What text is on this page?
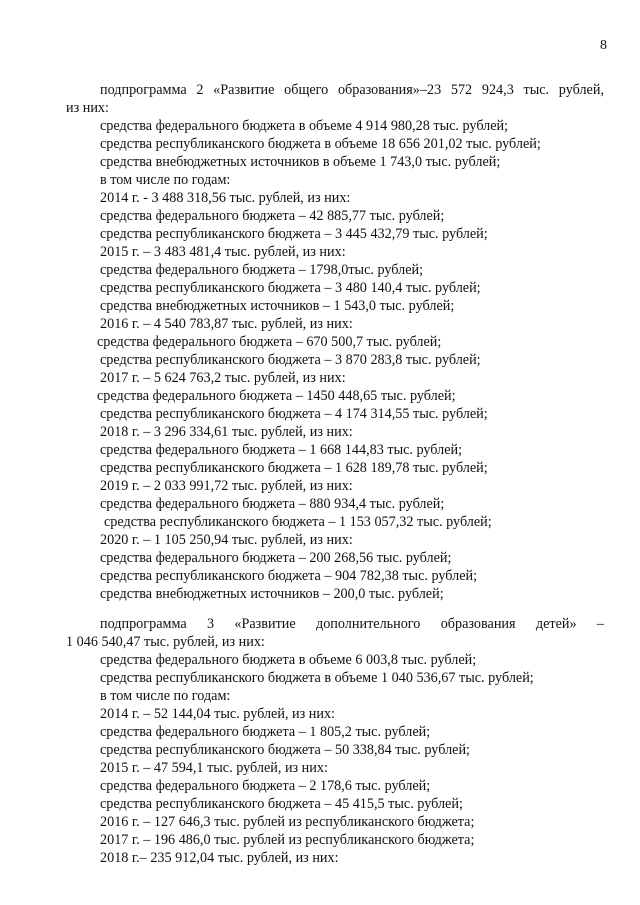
8
подпрограмма 2 «Развитие общего образования»–23 572 924,3 тыс. рублей,
из них:
средства федерального бюджета в объеме 4 914 980,28 тыс. рублей;
средства республиканского бюджета в объеме 18 656 201,02 тыс. рублей;
средства внебюджетных источников в объеме 1 743,0 тыс. рублей;
в том числе по годам:
2014 г. - 3 488 318,56 тыс. рублей, из них:
средства федерального бюджета – 42 885,77 тыс. рублей;
средства республиканского бюджета – 3 445 432,79 тыс. рублей;
2015 г. – 3 483 481,4 тыс. рублей, из них:
средства федерального бюджета – 1798,0тыс. рублей;
средства республиканского бюджета – 3 480 140,4 тыс. рублей;
средства внебюджетных источников – 1 543,0 тыс. рублей;
2016 г. – 4 540 783,87 тыс. рублей, из них:
средства федерального бюджета – 670 500,7 тыс. рублей;
средства республиканского бюджета – 3 870 283,8 тыс. рублей;
2017 г. – 5 624 763,2 тыс. рублей, из них:
средства федерального бюджета – 1450 448,65 тыс. рублей;
средства республиканского бюджета – 4 174 314,55 тыс. рублей;
2018 г. – 3 296 334,61 тыс. рублей, из них:
средства федерального бюджета – 1 668 144,83 тыс. рублей;
средства республиканского бюджета – 1 628 189,78 тыс. рублей;
2019 г. – 2 033 991,72 тыс. рублей, из них:
средства федерального бюджета – 880 934,4 тыс. рублей;
средства республиканского бюджета – 1 153 057,32 тыс. рублей;
2020 г. – 1 105 250,94 тыс. рублей, из них:
средства федерального бюджета – 200 268,56 тыс. рублей;
средства республиканского бюджета – 904 782,38 тыс. рублей;
средства внебюджетных источников – 200,0 тыс. рублей;
подпрограмма 3 «Развитие дополнительного образования детей» –
1 046 540,47 тыс. рублей, из них:
средства федерального бюджета в объеме 6 003,8 тыс. рублей;
средства республиканского бюджета в объеме 1 040 536,67 тыс. рублей;
в том числе по годам:
2014 г. – 52 144,04 тыс. рублей, из них:
средства федерального бюджета – 1 805,2 тыс. рублей;
средства республиканского бюджета – 50 338,84 тыс. рублей;
2015 г. – 47 594,1 тыс. рублей, из них:
средства федерального бюджета – 2 178,6 тыс. рублей;
средства республиканского бюджета – 45 415,5 тыс. рублей;
2016 г. – 127 646,3 тыс. рублей из республиканского бюджета;
2017 г. – 196 486,0 тыс. рублей из республиканского бюджета;
2018 г.– 235 912,04 тыс. рублей, из них:
